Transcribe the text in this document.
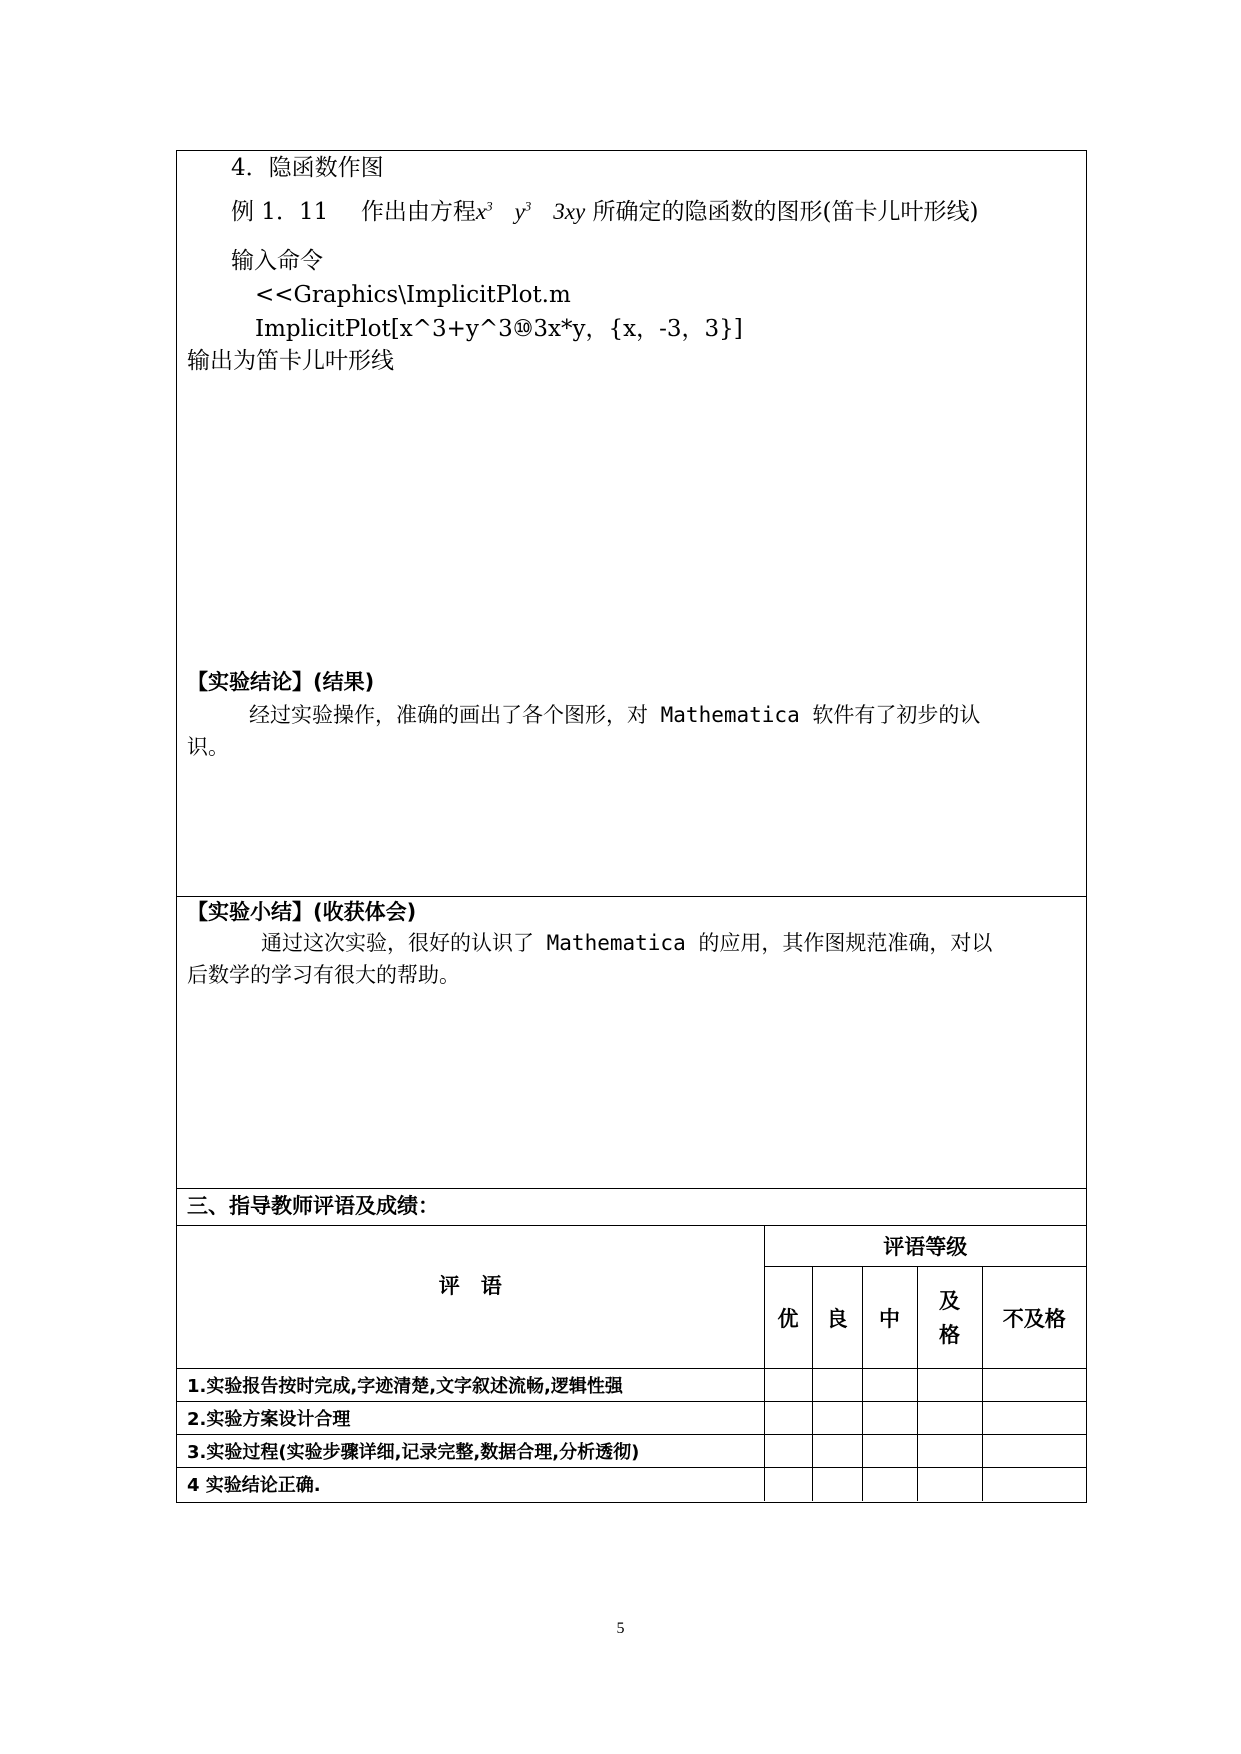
4．隐函数作图
例 1．11 作出由方程$x^3$ $y^3$ 3xy 所确定的隐函数的图形(笛卡儿叶形线)
输入命令
<<Graphics\ImplicitPlot.m
ImplicitPlot[x^3+y^3⑩3x*y，{x，-3，3}]
输出为笛卡儿叶形线
【实验结论】(结果)
经过实验操作，准确的画出了各个图形，对 Mathematica 软件有了初步的认
识。
【实验小结】(收获体会)
通过这次实验，很好的认识了 Mathematica 的应用，其作图规范准确，对以
后数学的学习有很大的帮助。
三、指导教师评语及成绩：
评　语	评语等级				
	优	良	中	及格	不及格
1.实验报告按时完成,字迹清楚,文字叙述流畅,逻辑性强					
2.实验方案设计合理					
3.实验过程(实验步骤详细,记录完整,数据合理,分析透彻)					
4 实验结论正确.					
5
